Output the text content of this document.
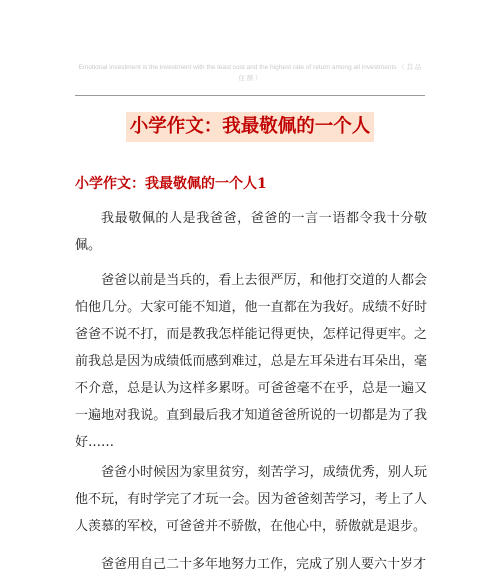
Emotional investment is the investment with the least cost and the highest rate of return among all investments （ 其 品 住 额 ）
小学作文：我最敬佩的一个人
小学作文：我最敬佩的一个人1

我最敬佩的人是我爸爸，爸爸的一言一语都令我十分敬佩。

爸爸以前是当兵的，看上去很严厉，和他打交道的人都会怕他几分。大家可能不知道，他一直都在为我好。成绩不好时爸爸不说不打，而是教我怎样能记得更快，怎样记得更牢。之前我总是因为成绩低而感到难过，总是左耳朵进右耳朵出，毫不介意，总是认为这样多累呀。可爸爸毫不在乎，总是一遍又一遍地对我说。直到最后我才知道爸爸所说的一切都是为了我好……

爸爸小时候因为家里贫穷，刻苦学习，成绩优秀，别人玩他不玩，有时学完了才玩一会。因为爸爸刻苦学习，考上了人人羡慕的军校，可爸爸并不骄傲，在他心中，骄傲就是退步。

爸爸用自己二十多年地努力工作，完成了别人要六十岁才
